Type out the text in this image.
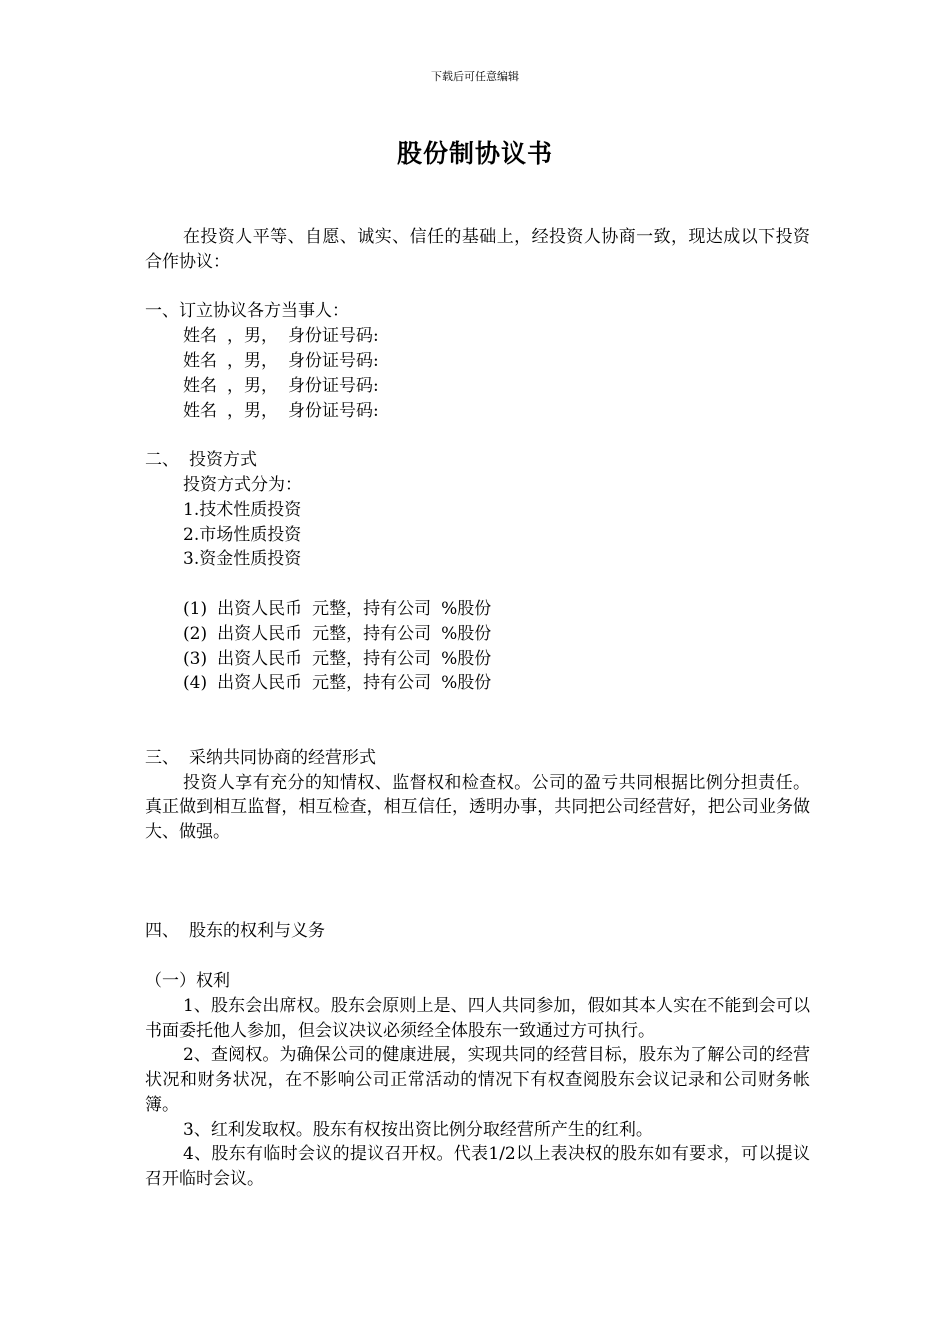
下载后可任意编辑
股份制协议书
在投资人平等、自愿、诚实、信任的基础上，经投资人协商一致，现达成以下投资合作协议：
一、订立协议各方当事人：
姓名 ，男， 身份证号码:
姓名 ，男， 身份证号码:
姓名 ，男， 身份证号码:
姓名 ，男， 身份证号码:
二、 投资方式
投资方式分为：
1.技术性质投资
2.市场性质投资
3.资金性质投资
(1) 出资人民币 元整，持有公司 %股份
(2) 出资人民币 元整，持有公司 %股份
(3) 出资人民币 元整，持有公司 %股份
(4) 出资人民币 元整，持有公司 %股份
三、 采纳共同协商的经营形式
投资人享有充分的知情权、监督权和检查权。公司的盈亏共同根据比例分担责任。真正做到相互监督，相互检查，相互信任，透明办事，共同把公司经营好，把公司业务做大、做强。
四、 股东的权利与义务
（一）权利
1、股东会出席权。股东会原则上是、四人共同参加，假如其本人实在不能到会可以书面委托他人参加，但会议决议必须经全体股东一致通过方可执行。
2、查阅权。为确保公司的健康进展，实现共同的经营目标，股东为了解公司的经营状况和财务状况，在不影响公司正常活动的情况下有权查阅股东会议记录和公司财务帐簿。
3、红利发取权。股东有权按出资比例分取经营所产生的红利。
4、股东有临时会议的提议召开权。代表1/2以上表决权的股东如有要求，可以提议召开临时会议。
